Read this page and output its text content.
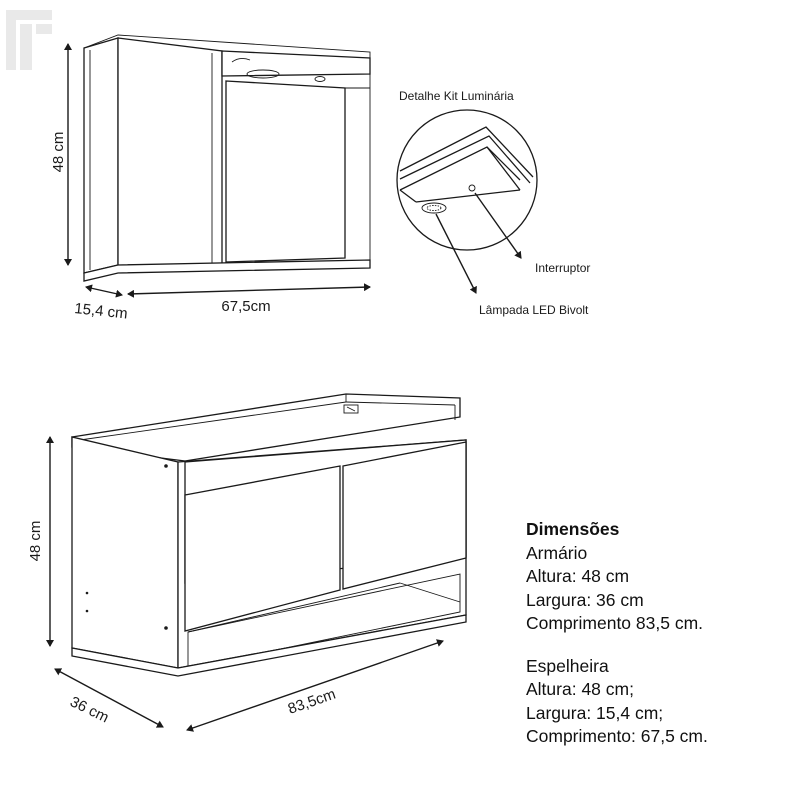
48 cm
15,4 cm	67,5cm
Detalhe Kit Luminária
Interruptor
Lâmpada LED Bivolt
48 cm
36 cm	83,5cm
Dimensões
Armário
Altura: 48 cm
Largura: 36 cm
Comprimento 83,5 cm.
Espelheira
Altura: 48 cm;
Largura: 15,4 cm;
Comprimento: 67,5 cm.
